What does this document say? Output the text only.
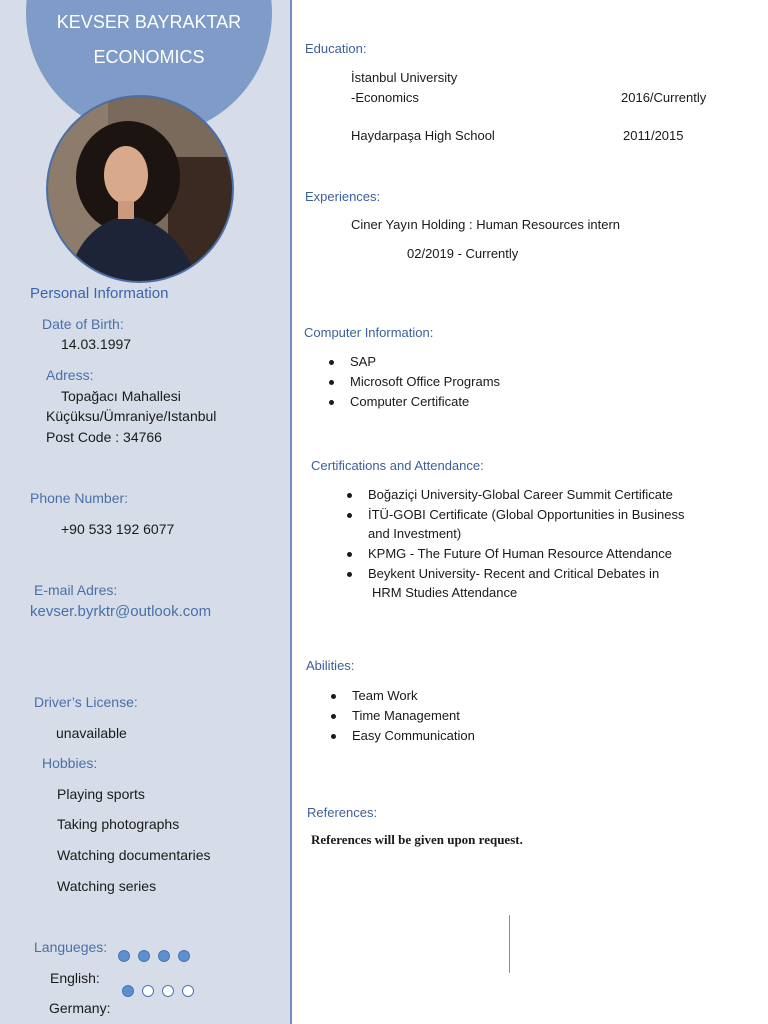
KEVSER BAYRAKTAR
ECONOMICS
Personal Information
Date of Birth:
14.03.1997
Adress:
Topağacı Mahallesi
Küçüksu/Ümraniye/Istanbul
Post Code : 34766
Phone Number:
+90 533 192 6077
E-mail Adres:
kevser.byrktr@outlook.com
Driver’s License:
unavailable
Hobbies:
Playing sports
Taking photographs
Watching documentaries
Watching series
Langueges:
English:
Germany:
Education:
İstanbul University
-Economics	2016/Currently
Haydarpaşa High School	2011/2015
Experiences:
Ciner Yayın Holding : Human Resources intern
02/2019 - Currently
Computer Information:
SAP
Microsoft Office Programs
Computer Certificate
Certifications and Attendance:
Boğaziçi University-Global Career Summit Certificate
İTÜ-GOBI Certificate (Global Opportunities in Business
and Investment)
KPMG - The Future Of Human Resource Attendance
Beykent University- Recent and Critical Debates in
HRM Studies Attendance
Abilities:
Team Work
Time Management
Easy Communication
References:
References will be given upon request.
